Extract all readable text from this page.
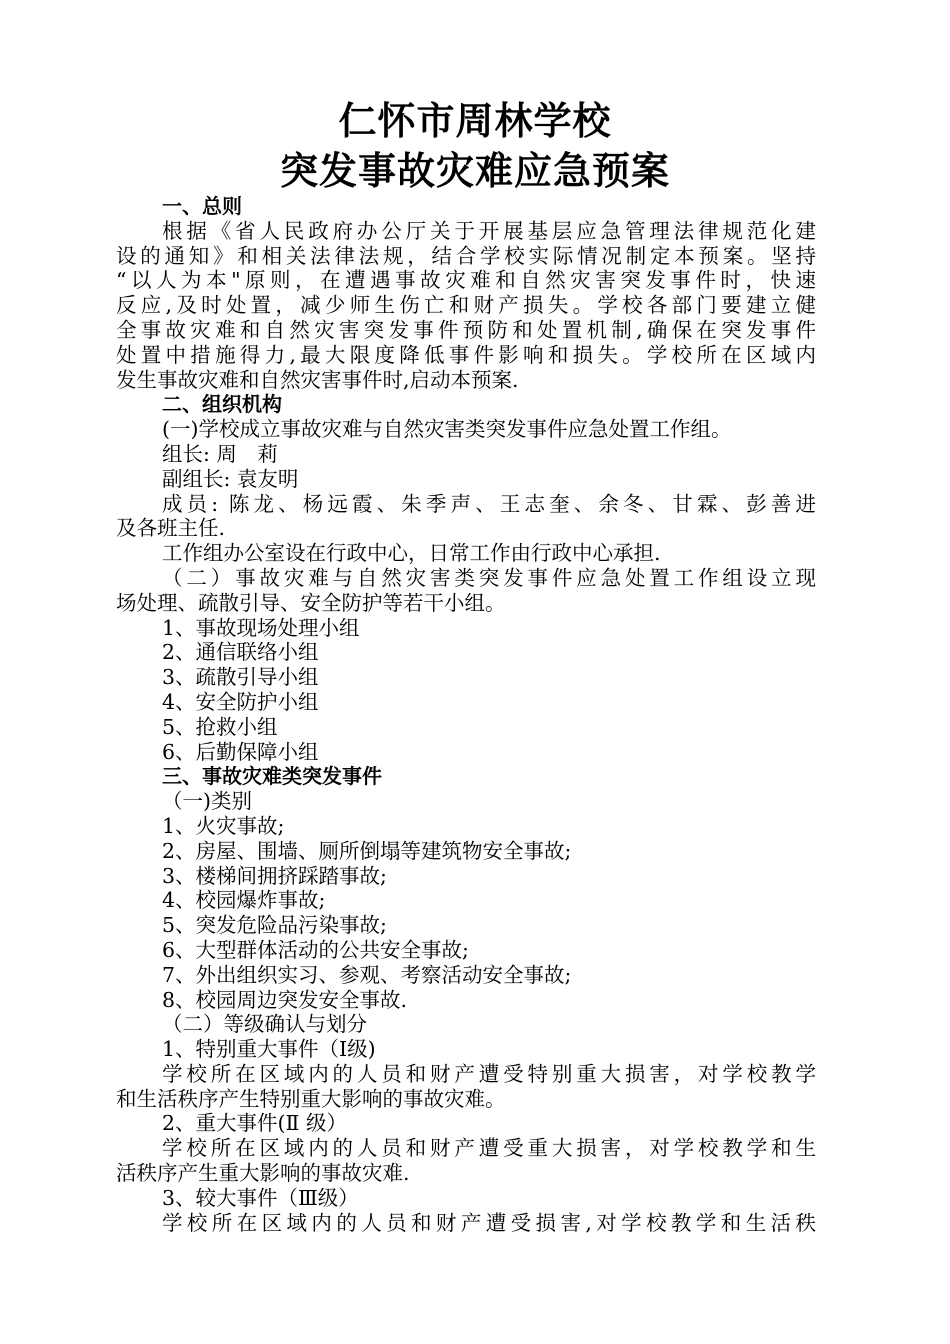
仁怀市周林学校
突发事故灾难应急预案
一、总则
根据《省人民政府办公厅关于开展基层应急管理法律规范化建
设的通知》和相关法律法规，结合学校实际情况制定本预案。坚持
“以人为本"原则，在遭遇事故灾难和自然灾害突发事件时，快速
反应,及时处置，减少师生伤亡和财产损失。学校各部门要建立健
全事故灾难和自然灾害突发事件预防和处置机制,确保在突发事件
处置中措施得力,最大限度降低事件影响和损失。学校所在区域内
发生事故灾难和自然灾害事件时,启动本预案.
二、组织机构
(一)学校成立事故灾难与自然灾害类突发事件应急处置工作组。
组长: 周　莉
副组长: 袁友明
成员: 陈龙、杨远霞、朱季声、王志奎、余冬、甘霖、彭善进
及各班主任.
工作组办公室设在行政中心，日常工作由行政中心承担.
（二）事故灾难与自然灾害类突发事件应急处置工作组设立现
场处理、疏散引导、安全防护等若干小组。
1、事故现场处理小组
2、通信联络小组
3、疏散引导小组
4、安全防护小组
5、抢救小组
6、后勤保障小组
三、事故灾难类突发事件
（一)类别
1、火灾事故;
2、房屋、围墙、厕所倒塌等建筑物安全事故;
3、楼梯间拥挤踩踏事故;
4、校园爆炸事故;
5、突发危险品污染事故;
6、大型群体活动的公共安全事故;
7、外出组织实习、参观、考察活动安全事故;
8、校园周边突发安全事故.
（二）等级确认与划分
1、特别重大事件（Ⅰ级)
学校所在区域内的人员和财产遭受特别重大损害，对学校教学
和生活秩序产生特别重大影响的事故灾难。
2、重大事件(Ⅱ 级）
学校所在区域内的人员和财产遭受重大损害，对学校教学和生
活秩序产生重大影响的事故灾难.
3、较大事件（Ⅲ级）
学校所在区域内的人员和财产遭受损害,对学校教学和生活秩
